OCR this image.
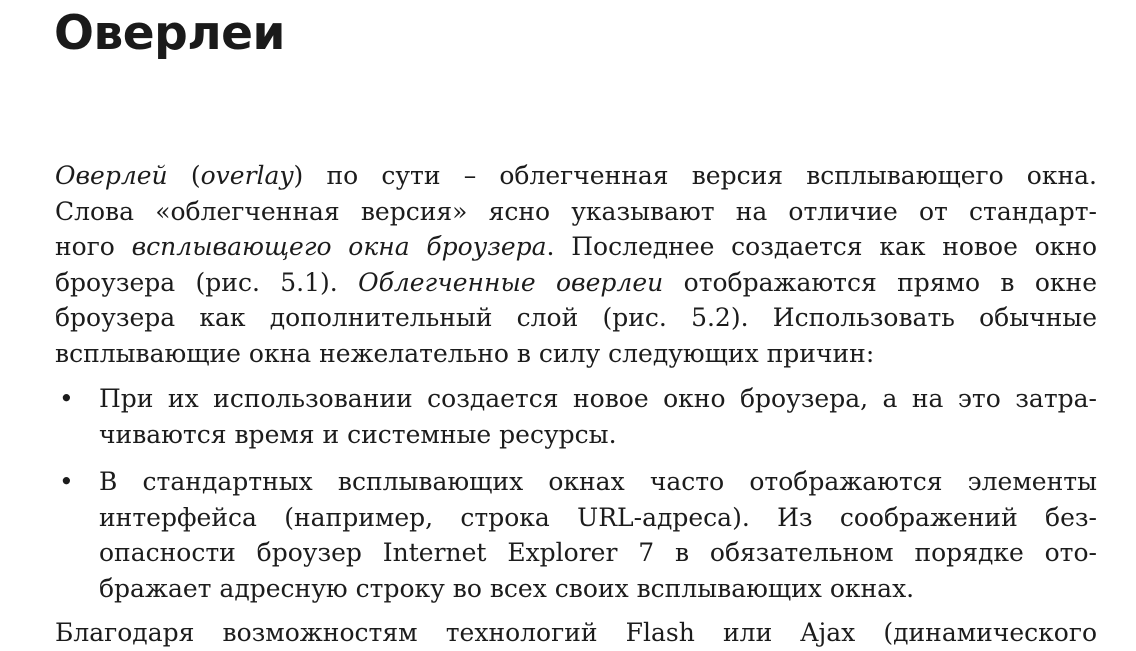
Оверлеи
Оверлей (overlay) по сути – облегченная версия всплывающего окна.
Слова «облегченная версия» ясно указывают на отличие от стандарт-
ного всплывающего окна броузера. Последнее создается как новое окно
броузера (рис. 5.1). Облегченные оверлеи отображаются прямо в окне
броузера как дополнительный слой (рис. 5.2). Использовать обычные
всплывающие окна нежелательно в силу следующих причин:
• При их использовании создается новое окно броузера, а на это затра-
чиваются время и системные ресурсы.
• В стандартных всплывающих окнах часто отображаются элементы
интерфейса (например, строка URL-адреса). Из соображений без-
опасности броузер Internet Explorer 7 в обязательном порядке ото-
бражает адресную строку во всех своих всплывающих окнах.
Благодаря возможностям технологий Flash или Ajax (динамического
